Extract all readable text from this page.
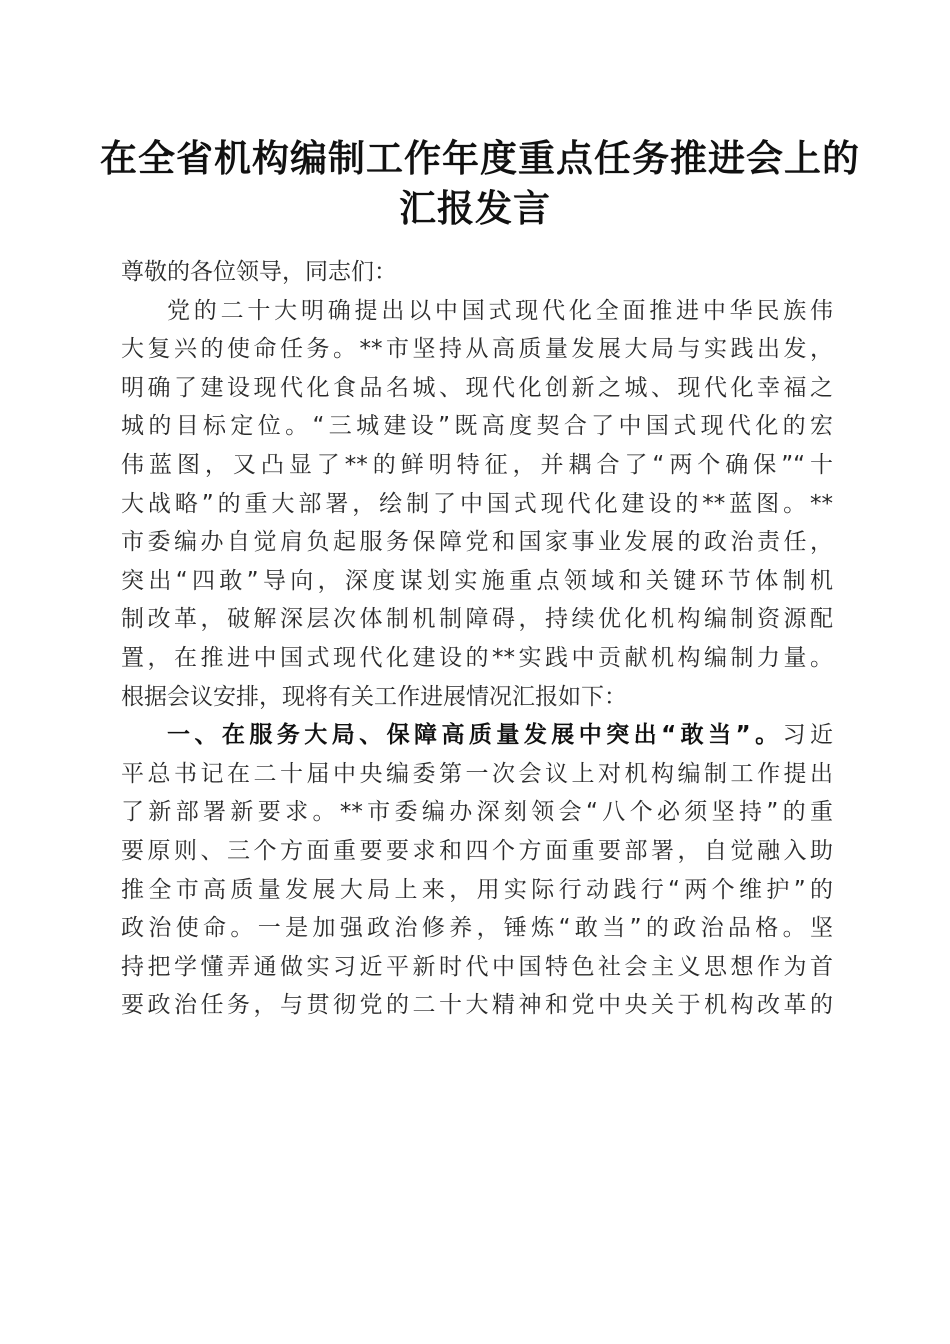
在全省机构编制工作年度重点任务推进会上的
汇报发言
尊敬的各位领导，同志们：
党的二十大明确提出以中国式现代化全面推进中华民族伟
大复兴的使命任务。**市坚持从高质量发展大局与实践出发，
明确了建设现代化食品名城、现代化创新之城、现代化幸福之
城的目标定位。“三城建设”既高度契合了中国式现代化的宏
伟蓝图，又凸显了**的鲜明特征，并耦合了“两个确保”“十
大战略”的重大部署，绘制了中国式现代化建设的**蓝图。**
市委编办自觉肩负起服务保障党和国家事业发展的政治责任，
突出“四敢”导向，深度谋划实施重点领域和关键环节体制机
制改革，破解深层次体制机制障碍，持续优化机构编制资源配
置，在推进中国式现代化建设的**实践中贡献机构编制力量。
根据会议安排，现将有关工作进展情况汇报如下：
一、在服务大局、保障高质量发展中突出“敢当”。习近
平总书记在二十届中央编委第一次会议上对机构编制工作提出
了新部署新要求。**市委编办深刻领会“八个必须坚持”的重
要原则、三个方面重要要求和四个方面重要部署，自觉融入助
推全市高质量发展大局上来，用实际行动践行“两个维护”的
政治使命。一是加强政治修养，锤炼“敢当”的政治品格。坚
持把学懂弄通做实习近平新时代中国特色社会主义思想作为首
要政治任务，与贯彻党的二十大精神和党中央关于机构改革的
